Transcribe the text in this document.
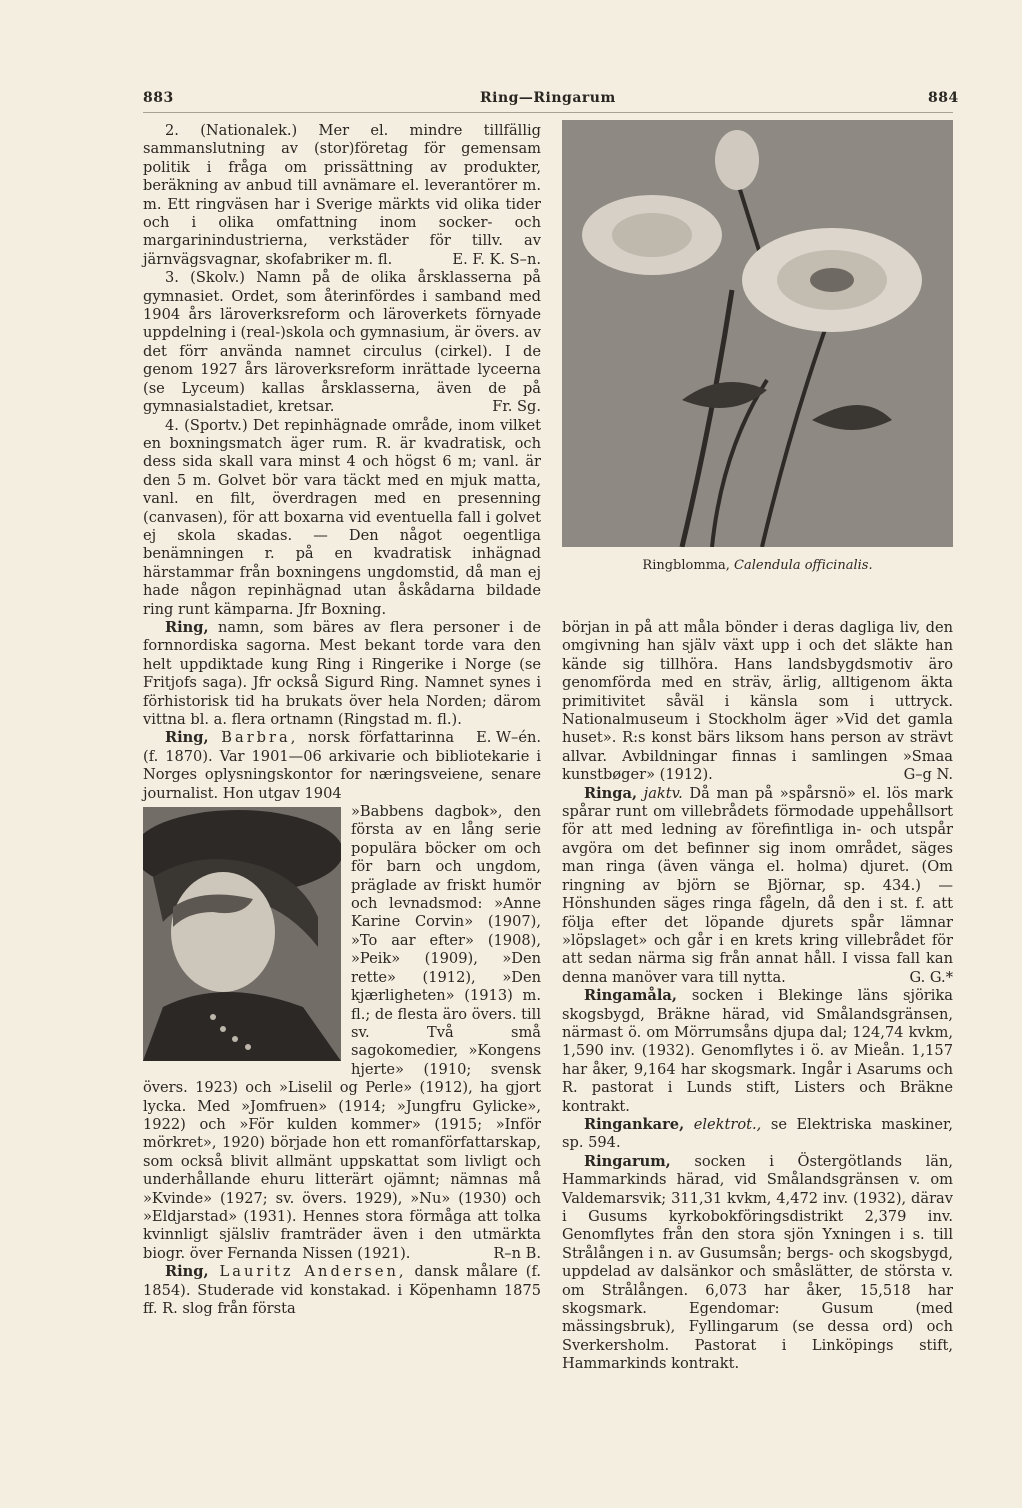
883	Ring—Ringarum	884

2. (Nationalek.) Mer el. mindre tillfällig sammanslutning av (stor)företag för gemensam politik i fråga om prissättning av produkter, beräkning av anbud till avnämare el. leverantörer m. m. Ett ringväsen har i Sverige märkts vid olika tider och i olika omfattning inom socker- och margarinindustrierna, verkstäder för tillv. av järnvägsvagnar, skofabriker m. fl.	E. F. K. S–n.

3. (Skolv.) Namn på de olika årsklasserna på gymnasiet. Ordet, som återinfördes i samband med 1904 års läroverksreform och läroverkets förnyade uppdelning i (real-)skola och gymnasium, är övers. av det förr använda namnet circulus (cirkel). I de genom 1927 års läroverksreform inrättade lyceerna (se Lyceum) kallas årsklasserna, även de på gymnasialstadiet, kretsar.	Fr. Sg.

4. (Sportv.) Det repinhägnade område, inom vilket en boxningsmatch äger rum. R. är kvadratisk, och dess sida skall vara minst 4 och högst 6 m; vanl. är den 5 m. Golvet bör vara täckt med en mjuk matta, vanl. en filt, överdragen med en presenning (canvasen), för att boxarna vid eventuella fall i golvet ej skola skadas. — Den något oegentliga benämningen r. på en kvadratisk inhägnad härstammar från boxningens ungdomstid, då man ej hade någon repinhägnad utan åskådarna bildade ring runt kämparna. Jfr Boxning.

Ring, namn, som bäres av flera personer i de fornnordiska sagorna. Mest bekant torde vara den helt uppdiktade kung Ring i Ringerike i Norge (se Fritjofs saga). Jfr också Sigurd Ring. Namnet synes i förhistorisk tid ha brukats över hela Norden; därom vittna bl. a. flera ortnamn (Ringstad m. fl.).
E. W–én.

Ring, Barbra, norsk författarinna (f. 1870). Var 1901—06 arkivarie och bibliotekarie i Norges oplysningskontor for næringsveiene, senare journalist. Hon utgav 1904

»Babbens dagbok», den första av en lång serie populära böcker om och för barn och ungdom, präglade av friskt humör och levnadsmod: »Anne Karine Corvin» (1907), »To aar efter» (1908), »Peik» (1909), »Den rette» (1912), »Den kjærligheten» (1913) m. fl.; de flesta äro övers. till sv. Två små sagokomedier, »Kongens hjerte» (1910; svensk övers. 1923) och »Liselil og Perle» (1912), ha gjort lycka. Med »Jomfruen» (1914; »Jungfru Gylicke», 1922) och »För kulden kommer» (1915; »Inför mörkret», 1920) började hon ett romanförfattarskap, som också blivit allmänt uppskattat som livligt och underhållande ehuru litterärt ojämnt; nämnas må »Kvinde» (1927; sv. övers. 1929), »Nu» (1930) och »Eldjarstad» (1931). Hennes stora förmåga att tolka kvinnligt själsliv framträder även i den utmärkta biogr. över Fernanda Nissen (1921).	R–n B.

Ring, Lauritz Andersen, dansk målare (f. 1854). Studerade vid konstakad. i Köpenhamn 1875 ff. R. slog från första

Ringblomma, Calendula officinalis.

början in på att måla bönder i deras dagliga liv, den omgivning han själv växt upp i och det släkte han kände sig tillhöra. Hans landsbygdsmotiv äro genomförda med en sträv, ärlig, alltigenom äkta primitivitet såväl i känsla som i uttryck. Nationalmuseum i Stockholm äger »Vid det gamla huset». R:s konst bärs liksom hans person av strävt allvar. Avbildningar finnas i samlingen »Smaa kunstbøger» (1912).	G–g N.

Ringa, jaktv. Då man på »spårsnö» el. lös mark spårar runt om villebrådets förmodade uppehållsort för att med ledning av förefintliga in- och utspår avgöra om det befinner sig inom området, säges man ringa (även vänga el. holma) djuret. (Om ringning av björn se Björnar, sp. 434.) — Hönshunden säges ringa fågeln, då den i st. f. att följa efter det löpande djurets spår lämnar »löpslaget» och går i en krets kring villebrådet för att sedan närma sig från annat håll. I vissa fall kan denna manöver vara till nytta.	G. G.*

Ringamåla, socken i Blekinge läns sjörika skogsbygd, Bräkne härad, vid Smålandsgränsen, närmast ö. om Mörrumsåns djupa dal; 124,74 kvkm, 1,590 inv. (1932). Genomflytes i ö. av Mieån. 1,157 har åker, 9,164 har skogsmark. Ingår i Asarums och R. pastorat i Lunds stift, Listers och Bräkne kontrakt.

Ringankare, elektrot., se Elektriska maskiner, sp. 594.

Ringarum, socken i Östergötlands län, Hammarkinds härad, vid Smålandsgränsen v. om Valdemarsvik; 311,31 kvkm, 4,472 inv. (1932), därav i Gusums kyrkobokföringsdistrikt 2,379 inv. Genomflytes från den stora sjön Yxningen i s. till Strålången i n. av Gusumsån; bergs- och skogsbygd, uppdelad av dalsänkor och småslätter, de största v. om Strålången. 6,073 har åker, 15,518 har skogsmark. Egendomar: Gusum (med mässingsbruk), Fyllingarum (se dessa ord) och Sverkersholm. Pastorat i Linköpings stift, Hammarkinds kontrakt.
